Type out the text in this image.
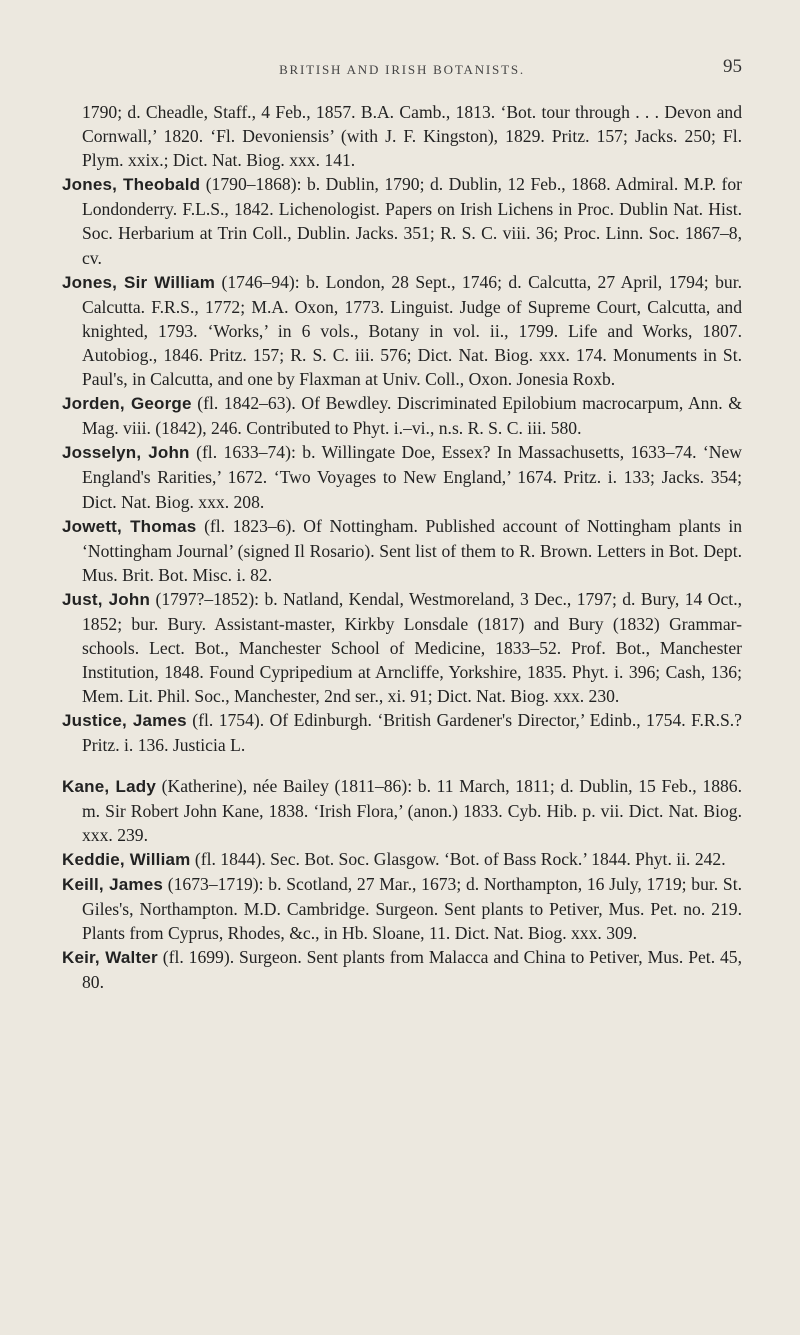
BRITISH AND IRISH BOTANISTS.	95

1790; d. Cheadle, Staff., 4 Feb., 1857. B.A. Camb., 1813. ‘Bot. tour through . . . Devon and Cornwall,’ 1820. ‘Fl. Devoniensis’ (with J. F. Kingston), 1829. Pritz. 157; Jacks. 250; Fl. Plym. xxix.; Dict. Nat. Biog. xxx. 141.

Jones, Theobald (1790–1868): b. Dublin, 1790; d. Dublin, 12 Feb., 1868. Admiral. M.P. for Londonderry. F.L.S., 1842. Lichenologist. Papers on Irish Lichens in Proc. Dublin Nat. Hist. Soc. Herbarium at Trin Coll., Dublin. Jacks. 351; R. S. C. viii. 36; Proc. Linn. Soc. 1867–8, cv.

Jones, Sir William (1746–94): b. London, 28 Sept., 1746; d. Calcutta, 27 April, 1794; bur. Calcutta. F.R.S., 1772; M.A. Oxon, 1773. Linguist. Judge of Supreme Court, Calcutta, and knighted, 1793. ‘Works,’ in 6 vols., Botany in vol. ii., 1799. Life and Works, 1807. Autobiog., 1846. Pritz. 157; R. S. C. iii. 576; Dict. Nat. Biog. xxx. 174. Monuments in St. Paul's, in Calcutta, and one by Flaxman at Univ. Coll., Oxon. Jonesia Roxb.

Jorden, George (fl. 1842–63). Of Bewdley. Discriminated Epilobium macrocarpum, Ann. & Mag. viii. (1842), 246. Contributed to Phyt. i.–vi., n.s. R. S. C. iii. 580.

Josselyn, John (fl. 1633–74): b. Willingate Doe, Essex? In Massachusetts, 1633–74. ‘New England's Rarities,’ 1672. ‘Two Voyages to New England,’ 1674. Pritz. i. 133; Jacks. 354; Dict. Nat. Biog. xxx. 208.

Jowett, Thomas (fl. 1823–6). Of Nottingham. Published account of Nottingham plants in ‘Nottingham Journal’ (signed Il Rosario). Sent list of them to R. Brown. Letters in Bot. Dept. Mus. Brit. Bot. Misc. i. 82.

Just, John (1797?–1852): b. Natland, Kendal, Westmoreland, 3 Dec., 1797; d. Bury, 14 Oct., 1852; bur. Bury. Assistant-master, Kirkby Lonsdale (1817) and Bury (1832) Grammar-schools. Lect. Bot., Manchester School of Medicine, 1833–52. Prof. Bot., Manchester Institution, 1848. Found Cypripedium at Arncliffe, Yorkshire, 1835. Phyt. i. 396; Cash, 136; Mem. Lit. Phil. Soc., Manchester, 2nd ser., xi. 91; Dict. Nat. Biog. xxx. 230.

Justice, James (fl. 1754). Of Edinburgh. ‘British Gardener's Director,’ Edinb., 1754. F.R.S.? Pritz. i. 136. Justicia L.

Kane, Lady (Katherine), née Bailey (1811–86): b. 11 March, 1811; d. Dublin, 15 Feb., 1886. m. Sir Robert John Kane, 1838. ‘Irish Flora,’ (anon.) 1833. Cyb. Hib. p. vii. Dict. Nat. Biog. xxx. 239.

Keddie, William (fl. 1844). Sec. Bot. Soc. Glasgow. ‘Bot. of Bass Rock.’ 1844. Phyt. ii. 242.

Keill, James (1673–1719): b. Scotland, 27 Mar., 1673; d. Northampton, 16 July, 1719; bur. St. Giles's, Northampton. M.D. Cambridge. Surgeon. Sent plants to Petiver, Mus. Pet. no. 219. Plants from Cyprus, Rhodes, &c., in Hb. Sloane, 11. Dict. Nat. Biog. xxx. 309.

Keir, Walter (fl. 1699). Surgeon. Sent plants from Malacca and China to Petiver, Mus. Pet. 45, 80.
